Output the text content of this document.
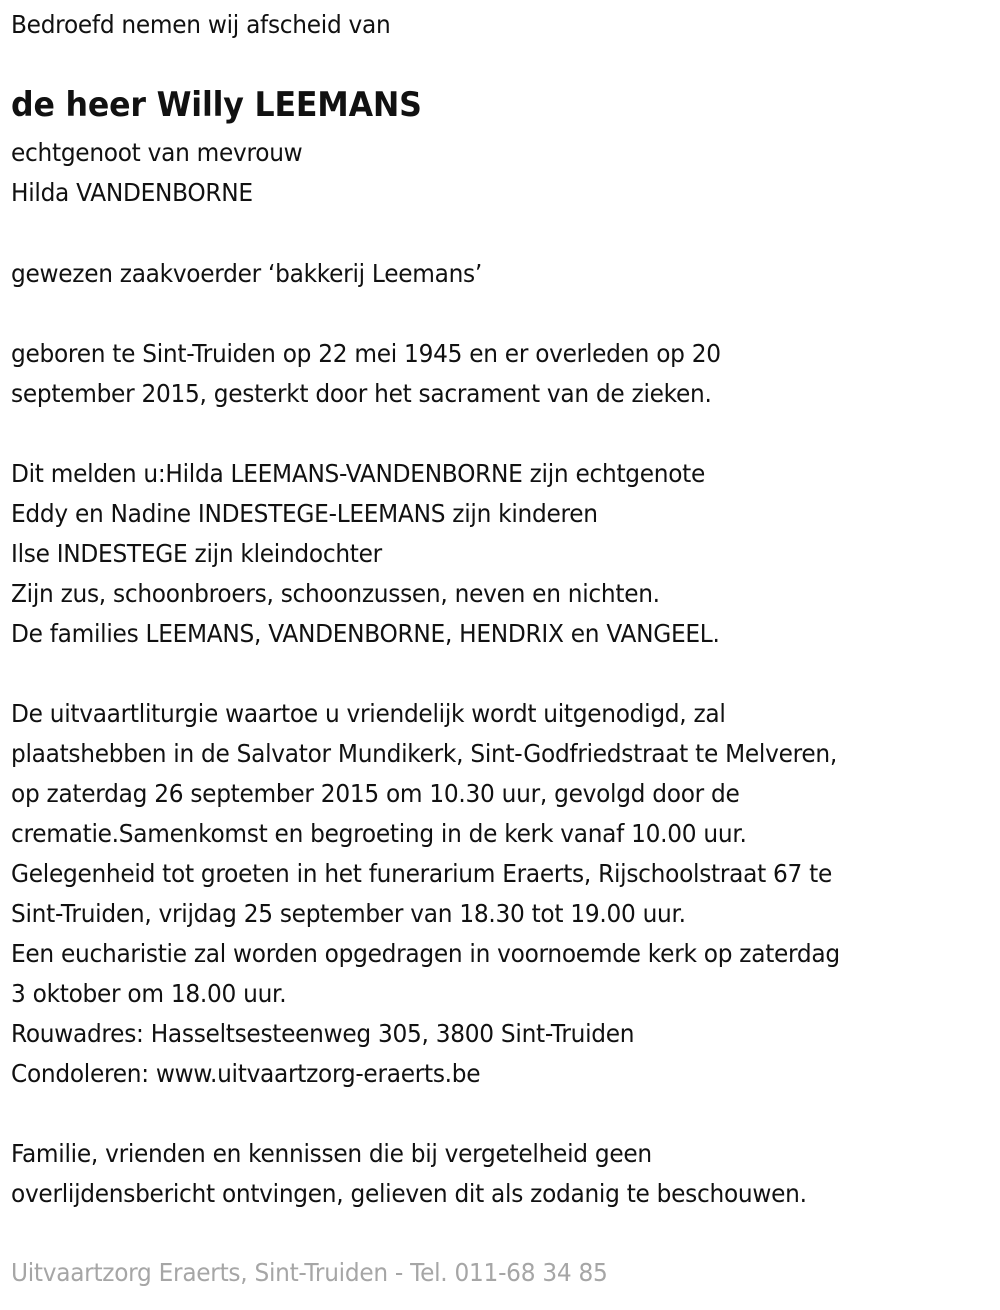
Bedroefd nemen wij afscheid van
de heer Willy LEEMANS
echtgenoot van mevrouw
Hilda VANDENBORNE
gewezen zaakvoerder ‘bakkerij Leemans’
geboren te Sint-Truiden op 22 mei 1945 en er overleden op 20
september 2015, gesterkt door het sacrament van de zieken.
Dit melden u:Hilda LEEMANS-VANDENBORNE zijn echtgenote
Eddy en Nadine INDESTEGE-LEEMANS zijn kinderen
Ilse INDESTEGE zijn kleindochter
Zijn zus, schoonbroers, schoonzussen, neven en nichten.
De families LEEMANS, VANDENBORNE, HENDRIX en VANGEEL.
De uitvaartliturgie waartoe u vriendelijk wordt uitgenodigd, zal
plaatshebben in de Salvator Mundikerk, Sint-Godfriedstraat te Melveren,
op zaterdag 26 september 2015 om 10.30 uur, gevolgd door de
crematie.Samenkomst en begroeting in de kerk vanaf 10.00 uur.
Gelegenheid tot groeten in het funerarium Eraerts, Rijschoolstraat 67 te
Sint-Truiden, vrijdag 25 september van 18.30 tot 19.00 uur.
Een eucharistie zal worden opgedragen in voornoemde kerk op zaterdag
3 oktober om 18.00 uur.
Rouwadres: Hasseltsesteenweg 305, 3800 Sint-Truiden
Condoleren: www.uitvaartzorg-eraerts.be
Familie, vrienden en kennissen die bij vergetelheid geen
overlijdensbericht ontvingen, gelieven dit als zodanig te beschouwen.
Uitvaartzorg Eraerts, Sint-Truiden - Tel. 011-68 34 85
